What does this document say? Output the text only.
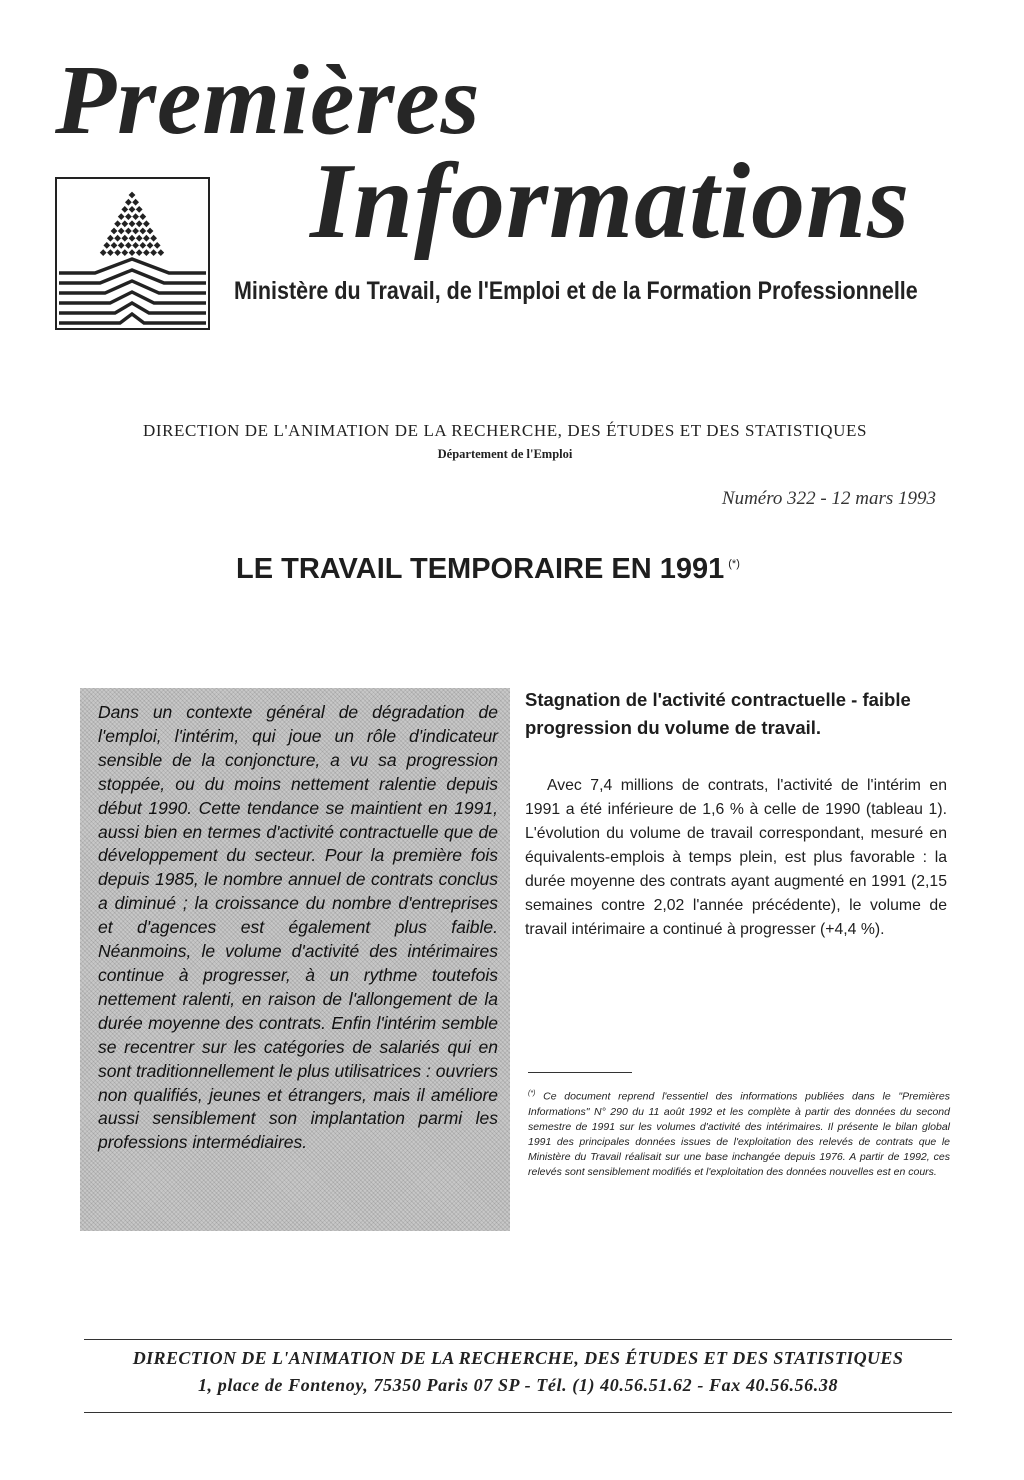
Premières
Informations
Ministère du Travail, de l'Emploi et de la Formation Professionnelle
DIRECTION DE L'ANIMATION DE LA RECHERCHE, DES ÉTUDES ET DES STATISTIQUES
Département de l'Emploi
Numéro 322 - 12 mars 1993
LE TRAVAIL TEMPORAIRE EN 1991 (*)

Dans un contexte général de dégradation de l'emploi, l'intérim, qui joue un rôle d'indicateur sensible de la conjoncture, a vu sa progression stoppée, ou du moins nettement ralentie depuis début 1990. Cette tendance se maintient en 1991, aussi bien en termes d'activité contractuelle que de développement du secteur. Pour la première fois depuis 1985, le nombre annuel de contrats conclus a diminué ; la croissance du nombre d'entreprises et d'agences est également plus faible. Néanmoins, le volume d'activité des intérimaires continue à progresser, à un rythme toutefois nettement ralenti, en raison de l'allongement de la durée moyenne des contrats. Enfin l'intérim semble se recentrer sur les catégories de salariés qui en sont traditionnellement le plus utilisatrices : ouvriers non qualifiés, jeunes et étrangers, mais il améliore aussi sensiblement son implantation parmi les professions intermédiaires.

Stagnation de l'activité contractuelle - faible progression du volume de travail.

Avec 7,4 millions de contrats, l'activité de l'intérim en 1991 a été inférieure de 1,6 % à celle de 1990 (tableau 1). L'évolution du volume de travail correspondant, mesuré en équivalents-emplois à temps plein, est plus favorable : la durée moyenne des contrats ayant augmenté en 1991 (2,15 semaines contre 2,02 l'année précédente), le volume de travail intérimaire a continué à progresser (+4,4 %).

(*) Ce document reprend l'essentiel des informations publiées dans le "Premières Informations" N° 290 du 11 août 1992 et les complète à partir des données du second semestre de 1991 sur les volumes d'activité des intérimaires. Il présente le bilan global 1991 des principales données issues de l'exploitation des relevés de contrats que le Ministère du Travail réalisait sur une base inchangée depuis 1976. A partir de 1992, ces relevés sont sensiblement modifiés et l'exploitation des données nouvelles est en cours.

DIRECTION DE L'ANIMATION DE LA RECHERCHE, DES ÉTUDES ET DES STATISTIQUES
1, place de Fontenoy, 75350 Paris 07 SP - Tél. (1) 40.56.51.62 - Fax 40.56.56.38
